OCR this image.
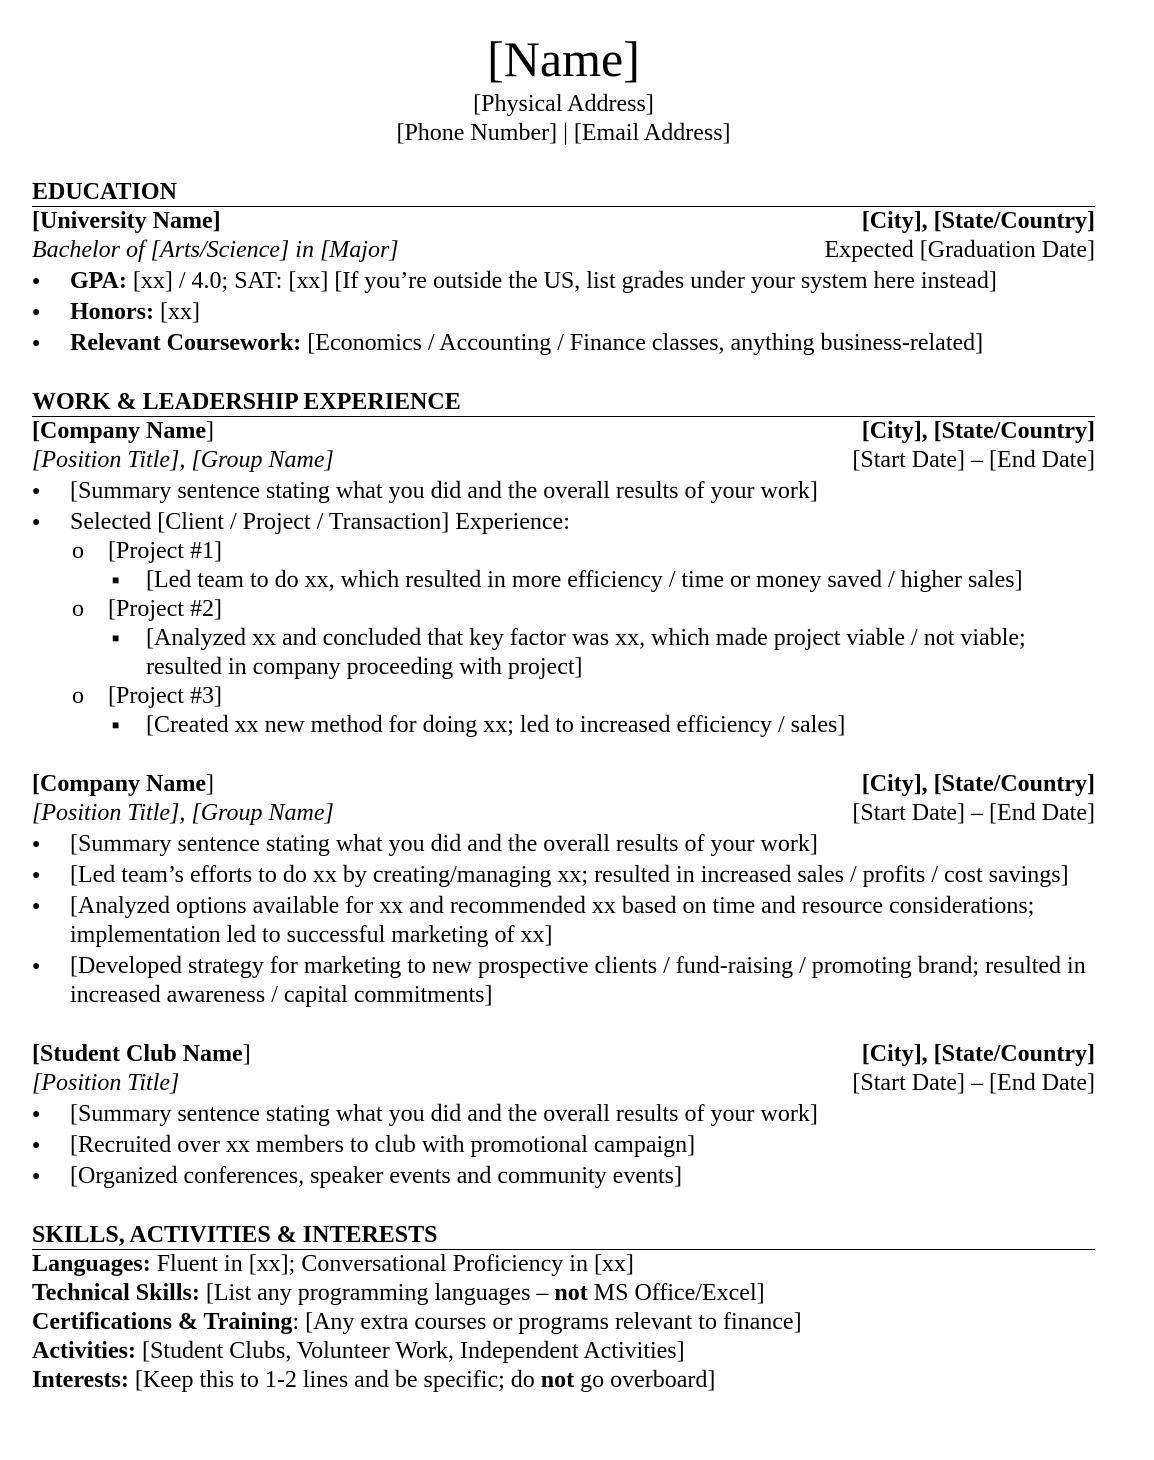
[Name]
[Physical Address]
[Phone Number] | [Email Address]
EDUCATION
[University Name]	[City], [State/Country]
Bachelor of [Arts/Science] in [Major]	Expected [Graduation Date]
● GPA: [xx] / 4.0; SAT: [xx] [If you’re outside the US, list grades under your system here instead]
● Honors: [xx]
● Relevant Coursework: [Economics / Accounting / Finance classes, anything business-related]
WORK & LEADERSHIP EXPERIENCE
[Company Name]	[City], [State/Country]
[Position Title], [Group Name]	[Start Date] – [End Date]
● [Summary sentence stating what you did and the overall results of your work]
● Selected [Client / Project / Transaction] Experience:
o [Project #1]
■ [Led team to do xx, which resulted in more efficiency / time or money saved / higher sales]
o [Project #2]
■ [Analyzed xx and concluded that key factor was xx, which made project viable / not viable; resulted in company proceeding with project]
o [Project #3]
■ [Created xx new method for doing xx; led to increased efficiency / sales]
[Company Name]	[City], [State/Country]
[Position Title], [Group Name]	[Start Date] – [End Date]
● [Summary sentence stating what you did and the overall results of your work]
● [Led team’s efforts to do xx by creating/managing xx; resulted in increased sales / profits / cost savings]
● [Analyzed options available for xx and recommended xx based on time and resource considerations; implementation led to successful marketing of xx]
● [Developed strategy for marketing to new prospective clients / fund-raising / promoting brand; resulted in increased awareness / capital commitments]
[Student Club Name]	[City], [State/Country]
[Position Title]	[Start Date] – [End Date]
● [Summary sentence stating what you did and the overall results of your work]
● [Recruited over xx members to club with promotional campaign]
● [Organized conferences, speaker events and community events]
SKILLS, ACTIVITIES & INTERESTS
Languages: Fluent in [xx]; Conversational Proficiency in [xx]
Technical Skills: [List any programming languages – not MS Office/Excel]
Certifications & Training: [Any extra courses or programs relevant to finance]
Activities: [Student Clubs, Volunteer Work, Independent Activities]
Interests: [Keep this to 1-2 lines and be specific; do not go overboard]
